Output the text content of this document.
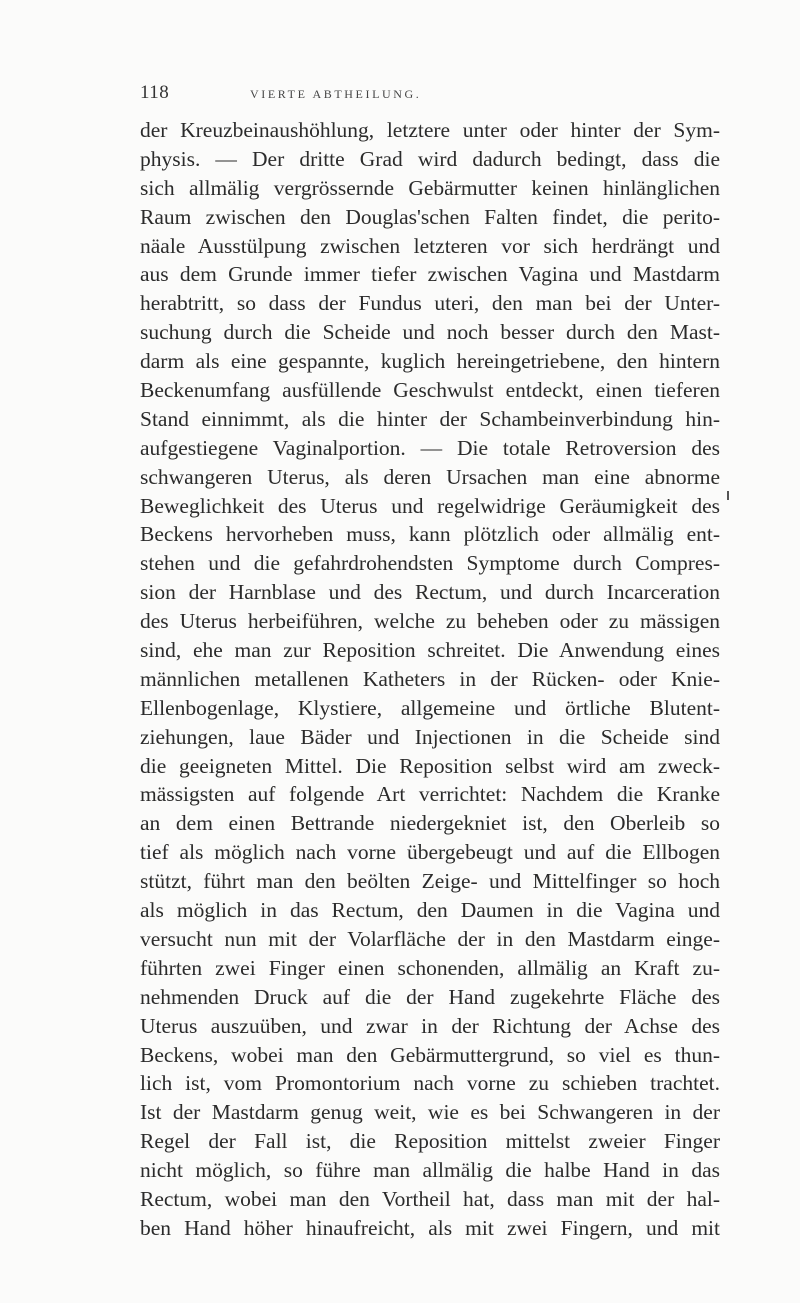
118	VIERTE ABTHEILUNG.
der Kreuzbeinaushöhlung, letztere unter oder hinter der Sym-
physis. — Der dritte Grad wird dadurch bedingt, dass die
sich allmälig vergrössernde Gebärmutter keinen hinlänglichen
Raum zwischen den Douglas'schen Falten findet, die perito-
näale Ausstülpung zwischen letzteren vor sich herdrängt und
aus dem Grunde immer tiefer zwischen Vagina und Mastdarm
herabtritt, so dass der Fundus uteri, den man bei der Unter-
suchung durch die Scheide und noch besser durch den Mast-
darm als eine gespannte, kuglich hereingetriebene, den hintern
Beckenumfang ausfüllende Geschwulst entdeckt, einen tieferen
Stand einnimmt, als die hinter der Schambeinverbindung hin-
aufgestiegene Vaginalportion. — Die totale Retroversion des
schwangeren Uterus, als deren Ursachen man eine abnorme
Beweglichkeit des Uterus und regelwidrige Geräumigkeit des
Beckens hervorheben muss, kann plötzlich oder allmälig ent-
stehen und die gefahrdrohendsten Symptome durch Compres-
sion der Harnblase und des Rectum, und durch Incarceration
des Uterus herbeiführen, welche zu beheben oder zu mässigen
sind, ehe man zur Reposition schreitet. Die Anwendung eines
männlichen metallenen Katheters in der Rücken- oder Knie-
Ellenbogenlage, Klystiere, allgemeine und örtliche Blutent-
ziehungen, laue Bäder und Injectionen in die Scheide sind
die geeigneten Mittel. Die Reposition selbst wird am zweck-
mässigsten auf folgende Art verrichtet: Nachdem die Kranke
an dem einen Bettrande niedergekniet ist, den Oberleib so
tief als möglich nach vorne übergebeugt und auf die Ellbogen
stützt, führt man den beölten Zeige- und Mittelfinger so hoch
als möglich in das Rectum, den Daumen in die Vagina und
versucht nun mit der Volarfläche der in den Mastdarm einge-
führten zwei Finger einen schonenden, allmälig an Kraft zu-
nehmenden Druck auf die der Hand zugekehrte Fläche des
Uterus auszuüben, und zwar in der Richtung der Achse des
Beckens, wobei man den Gebärmuttergrund, so viel es thun-
lich ist, vom Promontorium nach vorne zu schieben trachtet.
Ist der Mastdarm genug weit, wie es bei Schwangeren in der
Regel der Fall ist, die Reposition mittelst zweier Finger
nicht möglich, so führe man allmälig die halbe Hand in das
Rectum, wobei man den Vortheil hat, dass man mit der hal-
ben Hand höher hinaufreicht, als mit zwei Fingern, und mit
